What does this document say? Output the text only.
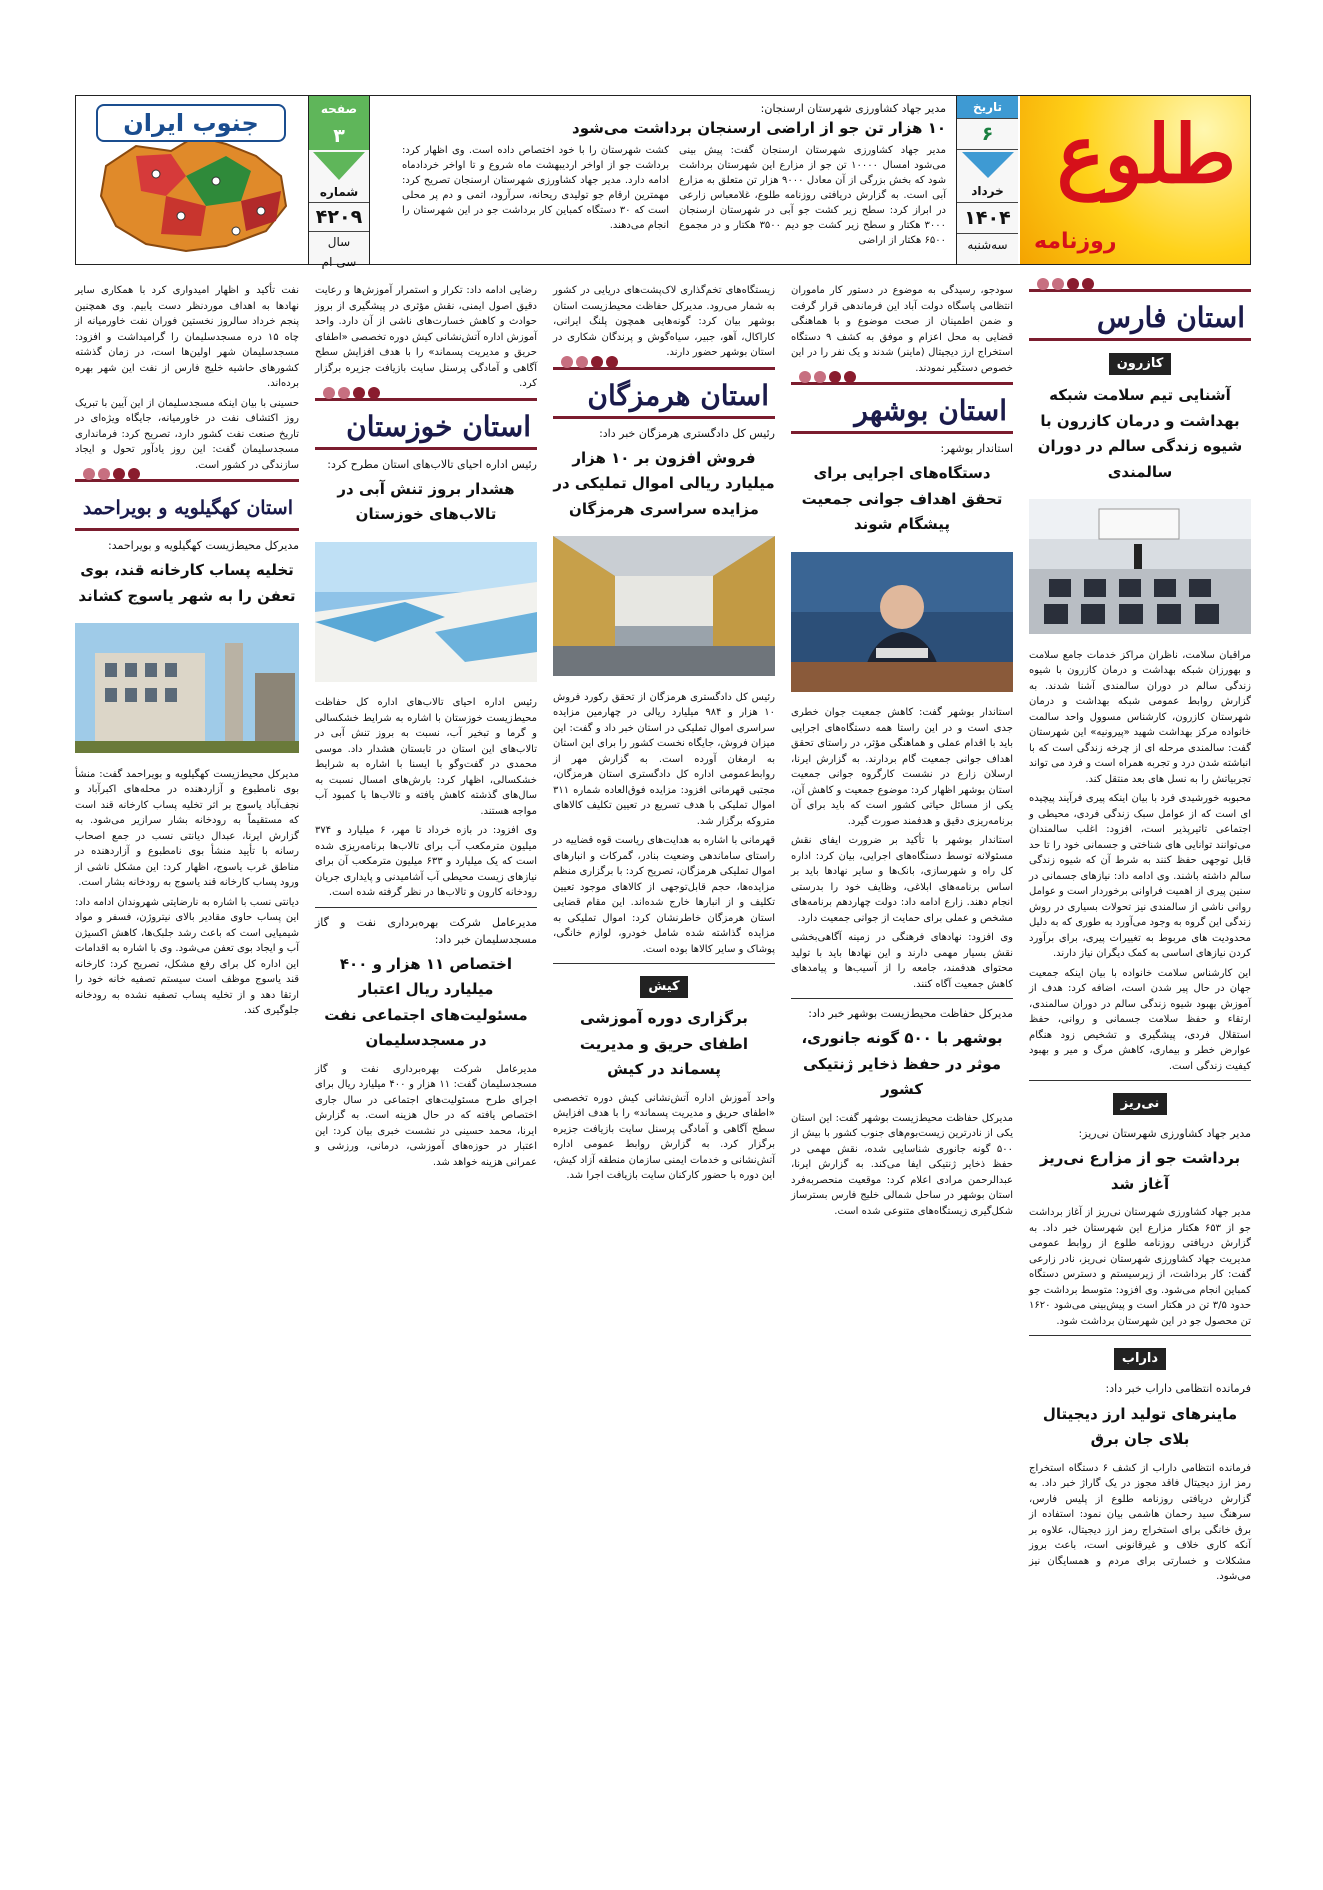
طلوع
روزنامه
تاریخ
۶
خرداد
۱۴۰۴
سه‌شنبه
مدیر جهاد کشاورزی شهرستان ارسنجان:
۱۰ هزار تن جو از اراضی ارسنجان برداشت می‌شود

مدیر جهاد کشاورزی شهرستان ارسنجان گفت: پیش بینی می‌شود امسال ۱۰۰۰۰ تن جو از مزارع این شهرستان برداشت شود که بخش بزرگی از آن معادل ۹۰۰۰ هزار تن متعلق به مزارع آبی است. به گزارش دریافتی روزنامه طلوع، غلامعباس زارعی در ابراز کرد: سطح زیر کشت جو آبی در شهرستان ارسنجان ۳۰۰۰ هکتار و سطح زیر کشت جو دیم ۳۵۰۰ هکتار و در مجموع ۶۵۰۰ هکتار از اراضی

کشت شهرستان را با خود اختصاص داده است. وی اظهار کرد: برداشت جو از اواخر اردیبهشت ماه شروع و تا اواخر خردادماه ادامه دارد. مدیر جهاد کشاورزی شهرستان ارسنجان تصریح کرد: مهمترین ارقام جو تولیدی ریحانه، سرآرود، اتمی و دم پر محلی است که ۳۰ دستگاه کمباین کار برداشت جو در این شهرستان را انجام می‌دهند.

صفحه
۳
شماره
۴۲۰۹
سال
سی ام
جنوب ایران
استان فارس
کازرون
آشنایی تیم سلامت شبکه بهداشت و درمان کازرون با شیوه زندگی سالم در دوران سالمندی

مراقبان سلامت، ناظران مراکز خدمات جامع سلامت و بهورزان شبکه بهداشت و درمان کازرون با شیوه زندگی سالم در دوران سالمندی آشنا شدند. به گزارش روابط عمومی شبکه بهداشت و درمان شهرستان کازرون، کارشناس مسوول واحد سالمت خانواده مرکز بهداشت شهید «پیرونیه» این شهرستان گفت: سالمندی مرحله ای از چرخه زندگی است که با انباشته شدن درد و تجربه همراه است و فرد می تواند تجربیاتش را به نسل های بعد منتقل کند.

محبوبه خورشیدی فرد با بیان اینکه پیری فرآیند پیچیده ای است که از عوامل سبک زندگی فردی، محیطی و اجتماعی تاثیرپذیر است، افزود: اغلب سالمندان می‌توانند توانایی های شناختی و جسمانی خود را تا حد قابل توجهی حفظ کنند به شرط آن که شیوه زندگی سالم داشته باشند. وی ادامه داد: نیازهای جسمانی در سنین پیری از اهمیت فراوانی برخوردار است و عوامل روانی ناشی از سالمندی نیز تحولات بسیاری در روش زندگی این گروه به وجود می‌آورد به طوری که به دلیل محدودیت های مربوط به تغییرات پیری، برای برآورد کردن نیازهای اساسی به کمک دیگران نیاز دارند.

این کارشناس سلامت خانواده با بیان اینکه جمعیت جهان در حال پیر شدن است، اضافه کرد: هدف از آموزش بهبود شیوه زندگی سالم در دوران سالمندی، ارتقاء و حفظ سلامت جسمانی و روانی، حفظ استقلال فردی، پیشگیری و تشخیص زود هنگام عوارض خطر و بیماری، کاهش مرگ و میر و بهبود کیفیت زندگی است.

نی‌ریز
مدیر جهاد کشاورزی شهرستان نی‌ریز:
برداشت جو از مزارع نی‌ریز آغاز شد

مدیر جهاد کشاورزی شهرستان نی‌ریز از آغاز برداشت جو از ۶۵۳ هکتار مزارع این شهرستان خبر داد. به گزارش دریافتی روزنامه طلوع از روابط عمومی مدیریت جهاد کشاورزی شهرستان نی‌ریز، نادر زارعی گفت: کار برداشت، از زیرسیستم و دسترس دستگاه کمباین انجام می‌شود. وی افزود: متوسط برداشت جو حدود ۳/۵ تن در هکتار است و پیش‌بینی می‌شود ۱۶۲۰ تن محصول جو در این شهرستان برداشت شود.

داراب
فرمانده انتظامی داراب خبر داد:
ماینرهای تولید ارز دیجیتال بلای جان برق

فرمانده انتظامی داراب از کشف ۶ دستگاه استخراج رمز ارز دیجیتال فاقد مجوز در یک گاراژ خبر داد. به گزارش دریافتی روزنامه طلوع از پلیس فارس، سرهنگ سید رحمان هاشمی بیان نمود: استفاده از برق خانگی برای استخراج رمز ارز دیجیتال، علاوه بر آنکه کاری خلاف و غیرقانونی است، باعث بروز مشکلات و خسارتی برای مردم و همسایگان نیز می‌شود.

سودجو، رسیدگی به موضوع در دستور کار ماموران انتظامی پاسگاه دولت آباد این فرماندهی قرار گرفت و ضمن اطمینان از صحت موضوع و با هماهنگی قضایی به محل اعزام و موفق به کشف ۹ دستگاه استخراج ارز دیجیتال (ماینر) شدند و یک نفر را در این خصوص دستگیر نمودند.

استان بوشهر
استاندار بوشهر:
دستگاه‌های اجرایی برای تحقق اهداف جوانی جمعیت پیشگام شوند

استاندار بوشهر گفت: کاهش جمعیت جوان خطری جدی است و در این راستا همه دستگاه‌های اجرایی باید با اقدام عملی و هماهنگی مؤثر، در راستای تحقق اهداف جوانی جمعیت گام بردارند. به گزارش ایرنا، ارسلان زارع در نشست کارگروه جوانی جمعیت استان بوشهر اظهار کرد: موضوع جمعیت و کاهش آن، یکی از مسائل حیاتی کشور است که باید برای آن برنامه‌ریزی دقیق و هدفمند صورت گیرد.

استاندار بوشهر با تأکید بر ضرورت ایفای نقش مسئولانه توسط دستگاه‌های اجرایی، بیان کرد: اداره کل راه و شهرسازی، بانک‌ها و سایر نهادها باید بر اساس برنامه‌های ابلاغی، وظایف خود را بدرستی انجام دهند. زارع ادامه داد: دولت چهاردهم برنامه‌های مشخص و عملی برای حمایت از جوانی جمعیت دارد.

وی افزود: نهادهای فرهنگی در زمینه آگاهی‌بخشی نقش بسیار مهمی دارند و این نهادها باید با تولید محتوای هدفمند، جامعه را از آسیب‌ها و پیامدهای کاهش جمعیت آگاه کنند.

مدیرکل حفاظت محیط‌زیست بوشهر خبر داد:
بوشهر با ۵۰۰ گونه جانوری، موثر در حفظ ذخایر ژنتیکی کشور

مدیرکل حفاظت محیط‌زیست بوشهر گفت: این استان یکی از نادرترین زیست‌بوم‌های جنوب کشور با بیش از ۵۰۰ گونه جانوری شناسایی شده، نقش مهمی در حفظ ذخایر ژنتیکی ایفا می‌کند. به گزارش ایرنا، عبدالرحمن مرادی اعلام کرد: موقعیت منحصربه‌فرد استان بوشهر در ساحل شمالی خلیج فارس بسترساز شکل‌گیری زیستگاه‌های متنوعی شده است.

زیستگاه‌های تخم‌گذاری لاک‌پشت‌های دریایی در کشور به شمار می‌رود. مدیرکل حفاظت محیط‌زیست استان بوشهر بیان کرد: گونه‌هایی همچون پلنگ ایرانی، کاراکال، آهو، جبیر، سیاه‌گوش و پرندگان شکاری در استان بوشهر حضور دارند.

استان هرمزگان
رئیس کل دادگستری هرمزگان خبر داد:
فروش افزون بر ۱۰ هزار میلیارد ریالی اموال تملیکی در مزایده سراسری هرمزگان

رئیس کل دادگستری هرمزگان از تحقق رکورد فروش ۱۰ هزار و ۹۸۴ میلیارد ریالی در چهارمین مزایده سراسری اموال تملیکی در استان خبر داد و گفت: این میزان فروش، جایگاه نخست کشور را برای این استان به ارمغان آورده است. به گزارش مهر از روابط‌عمومی اداره کل دادگستری استان هرمزگان، مجتبی قهرمانی افزود: مزایده فوق‌العاده شماره ۳۱۱ اموال تملیکی با هدف تسریع در تعیین تکلیف کالاهای متروکه برگزار شد.

قهرمانی با اشاره به هدایت‌های ریاست قوه قضاییه در راستای ساماندهی وضعیت بنادر، گمرکات و انبارهای اموال تملیکی هرمزگان، تصریح کرد: با برگزاری منظم مزایده‌ها، حجم قابل‌توجهی از کالاهای موجود تعیین تکلیف و از انبارها خارج شده‌اند. این مقام قضایی استان هرمزگان خاطرنشان کرد: اموال تملیکی به مزایده گذاشته شده شامل خودرو، لوازم خانگی، پوشاک و سایر کالاها بوده است.

کیش
برگزاری دوره آموزشی اطفای حریق و مدیریت پسماند در کیش

واحد آموزش اداره آتش‌نشانی کیش دوره تخصصی «اطفای حریق و مدیریت پسماند» را با هدف افزایش سطح آگاهی و آمادگی پرسنل سایت بازیافت جزیره برگزار کرد. به گزارش روابط عمومی اداره آتش‌نشانی و خدمات ایمنی سازمان منطقه آزاد کیش، این دوره با حضور کارکنان سایت بازیافت اجرا شد.

رضایی ادامه داد: تکرار و استمرار آموزش‌ها و رعایت دقیق اصول ایمنی، نقش مؤثری در پیشگیری از بروز حوادث و کاهش خسارت‌های ناشی از آن دارد. واحد آموزش اداره آتش‌نشانی کیش دوره تخصصی «اطفای حریق و مدیریت پسماند» را با هدف افزایش سطح آگاهی و آمادگی پرسنل سایت بازیافت جزیره برگزار کرد.

استان خوزستان
رئیس اداره احیای تالاب‌های استان مطرح کرد:
هشدار بروز تنش آبی در تالاب‌های خوزستان

رئیس اداره احیای تالاب‌های اداره کل حفاظت محیط‌زیست خوزستان با اشاره به شرایط خشکسالی و گرما و تبخیر آب، نسبت به بروز تنش آبی در تالاب‌های این استان در تابستان هشدار داد. موسی محمدی در گفت‌وگو با ایسنا با اشاره به شرایط خشکسالی، اظهار کرد: بارش‌های امسال نسبت به سال‌های گذشته کاهش یافته و تالاب‌ها با کمبود آب مواجه هستند.

وی افزود: در بازه خرداد تا مهر، ۶ میلیارد و ۳۷۴ میلیون مترمکعب آب برای تالاب‌ها برنامه‌ریزی شده است که یک میلیارد و ۶۳۳ میلیون مترمکعب آن برای نیازهای زیست محیطی آب آشامیدنی و پایداری جریان رودخانه کارون و تالاب‌ها در نظر گرفته شده است.

مدیرعامل شرکت بهره‌برداری نفت و گاز مسجدسلیمان خبر داد:
اختصاص ۱۱ هزار و ۴۰۰ میلیارد ریال اعتبار مسئولیت‌های اجتماعی نفت در مسجدسلیمان

مدیرعامل شرکت بهره‌برداری نفت و گاز مسجدسلیمان گفت: ۱۱ هزار و ۴۰۰ میلیارد ریال برای اجرای طرح مسئولیت‌های اجتماعی در سال جاری اختصاص یافته که در حال هزینه است. به گزارش ایرنا، محمد حسینی در نشست خبری بیان کرد: این اعتبار در حوزه‌های آموزشی، درمانی، ورزشی و عمرانی هزینه خواهد شد.

نفت تأکید و اظهار امیدواری کرد با همکاری سایر نهادها به اهداف موردنظر دست یابیم. وی همچنین پنجم خرداد سالروز نخستین فوران نفت خاورمیانه از چاه ۱۵ دره مسجدسلیمان را گرامیداشت و افزود: مسجدسلیمان شهر اولین‌ها است، در زمان گذشته کشورهای حاشیه خلیج فارس از نفت این شهر بهره برده‌اند.

حسینی با بیان اینکه مسجدسلیمان از این آیین با تبریک روز اکتشاف نفت در خاورمیانه، جایگاه ویژه‌ای در تاریخ صنعت نفت کشور دارد، تصریح کرد: فرمانداری مسجدسلیمان گفت: این روز یادآور تحول و ایجاد سازندگی در کشور است.

استان کهگیلویه و بویراحمد
مدیرکل محیط‌زیست کهگیلویه و بویراحمد:
تخلیه پساب کارخانه قند، بوی تعفن را به شهر یاسوج کشاند

مدیرکل محیط‌زیست کهگیلویه و بویراحمد گفت: منشأ بوی نامطبوع و آزاردهنده در محله‌های اکبرآباد و نجف‌آباد یاسوج بر اثر تخلیه پساب کارخانه قند است که مستقیماً به رودخانه بشار سرازیر می‌شود. به گزارش ایرنا، عبدال دیانتی نسب در جمع اصحاب رسانه با تأیید منشأ بوی نامطبوع و آزاردهنده در مناطق غرب یاسوج، اظهار کرد: این مشکل ناشی از ورود پساب کارخانه قند یاسوج به رودخانه بشار است.

دیانتی نسب با اشاره به نارضایتی شهروندان ادامه داد: این پساب حاوی مقادیر بالای نیتروژن، فسفر و مواد شیمیایی است که باعث رشد جلبک‌ها، کاهش اکسیژن آب و ایجاد بوی تعفن می‌شود. وی با اشاره به اقدامات این اداره کل برای رفع مشکل، تصریح کرد: کارخانه قند یاسوج موظف است سیستم تصفیه خانه خود را ارتقا دهد و از تخلیه پساب تصفیه نشده به رودخانه جلوگیری کند.
